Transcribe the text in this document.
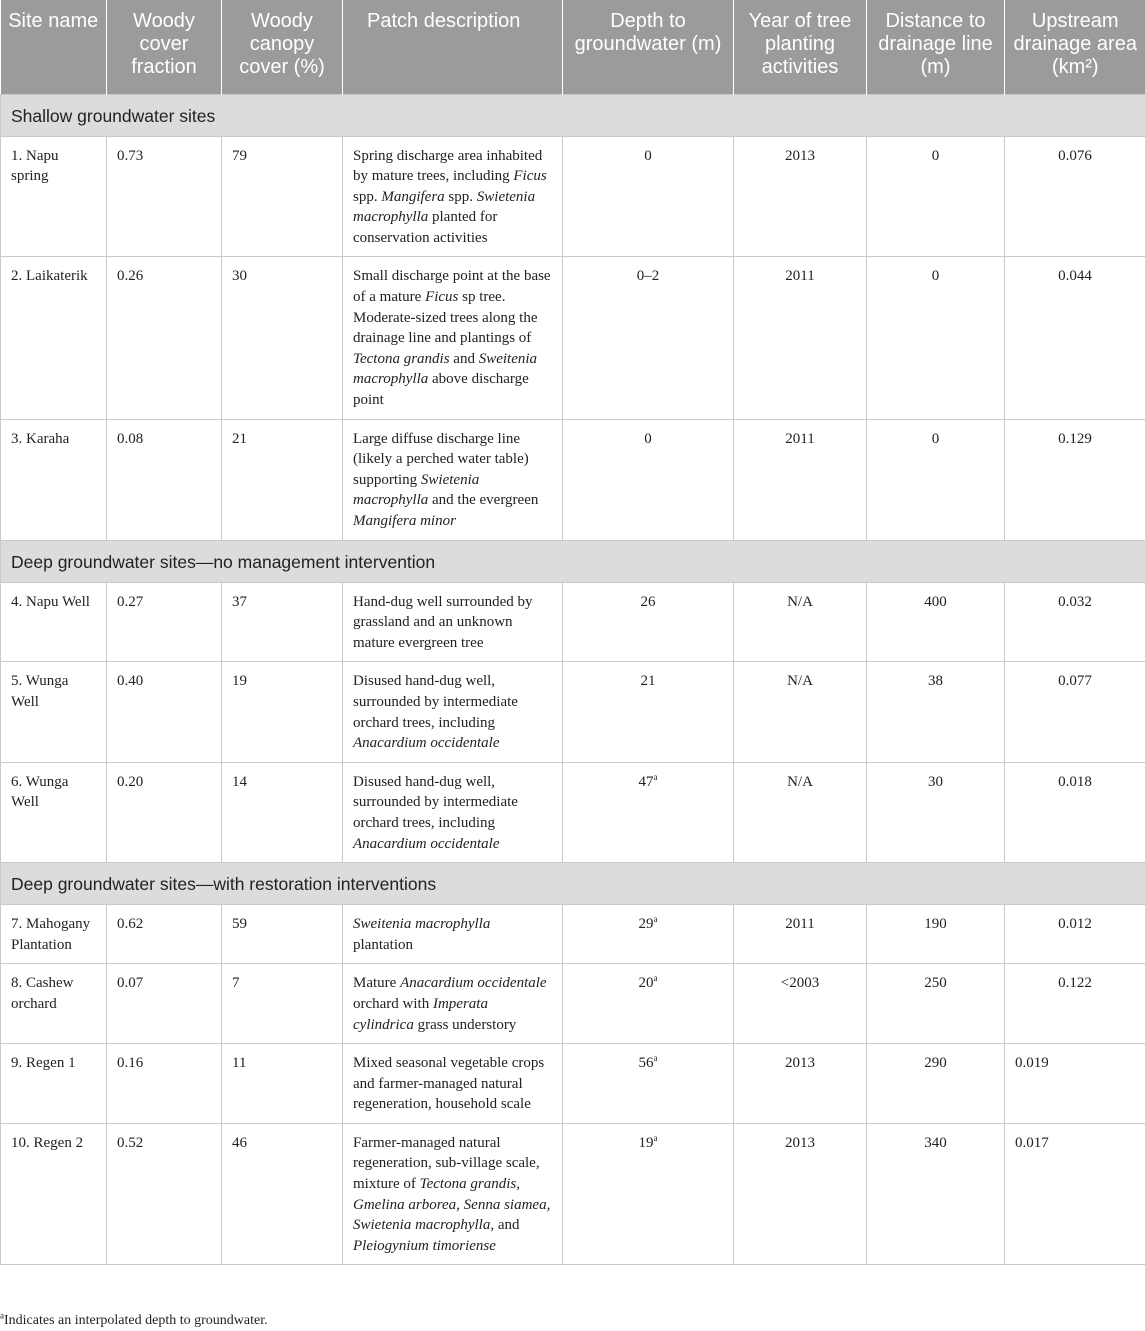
Site name	Woody cover fraction	Woody canopy cover (%)	Patch description	Depth to groundwater (m)	Year of tree planting activities	Distance to drainage line (m)	Upstream drainage area (km²)
Shallow groundwater sites							
1. Napu spring	0.73	79	Spring discharge area inhabited by mature trees, including Ficus spp. Mangifera spp. Swietenia macrophylla planted for conservation activities	0	2013	0	0.076
2. Laikaterik	0.26	30	Small discharge point at the base of a mature Ficus sp tree. Moderate-sized trees along the drainage line and plantings of Tectona grandis and Sweitenia macrophylla above discharge point	0–2	2011	0	0.044
3. Karaha	0.08	21	Large diffuse discharge line (likely a perched water table) supporting Swietenia macrophylla and the evergreen Mangifera minor	0	2011	0	0.129
Deep groundwater sites—no management intervention							
4. Napu Well	0.27	37	Hand-dug well surrounded by grassland and an unknown mature evergreen tree	26	N/A	400	0.032
5. Wunga Well	0.40	19	Disused hand-dug well, surrounded by intermediate orchard trees, including Anacardium occidentale	21	N/A	38	0.077
6. Wunga Well	0.20	14	Disused hand-dug well, surrounded by intermediate orchard trees, including Anacardium occidentale	47$^a$	N/A	30	0.018
Deep groundwater sites—with restoration interventions							
7. Mahogany Plantation	0.62	59	Sweitenia macrophylla plantation	29$^a$	2011	190	0.012
8. Cashew orchard	0.07	7	Mature Anacardium occidentale orchard with Imperata cylindrica grass understory	$20^a$	<2003	250	0.122
9. Regen 1	0.16	11	Mixed seasonal vegetable crops and farmer-managed natural regeneration, household scale	56$^a$	2013	290	0.019
10. Regen 2	0.52	46	Farmer-managed natural regeneration, sub-village scale, mixture of Tectona grandis, Gmelina arborea, Senna siamea, Swietenia macrophylla, and Pleiogynium timoriense	19$^a$	2013	340	0.017
$^a$Indicates an interpolated depth to groundwater.
